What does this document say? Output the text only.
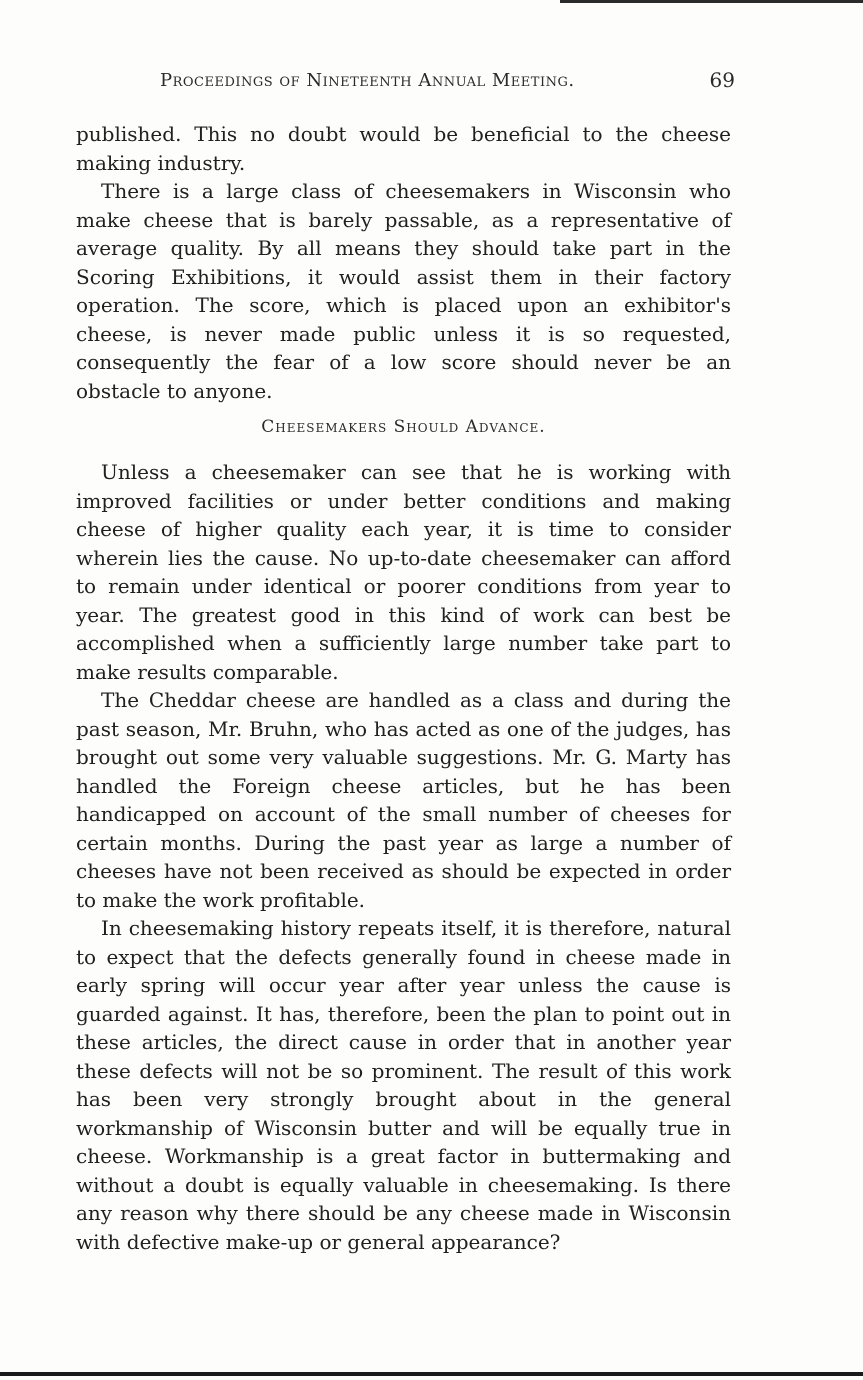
Proceedings of Nineteenth Annual Meeting.	69

published. This no doubt would be beneficial to the cheese making industry.

There is a large class of cheesemakers in Wisconsin who make cheese that is barely passable, as a representative of average quality. By all means they should take part in the Scoring Exhibitions, it would assist them in their factory operation. The score, which is placed upon an exhibitor's cheese, is never made public unless it is so requested, consequently the fear of a low score should never be an obstacle to anyone.

Cheesemakers Should Advance.

Unless a cheesemaker can see that he is working with improved facilities or under better conditions and making cheese of higher quality each year, it is time to consider wherein lies the cause. No up-to-date cheesemaker can afford to remain under identical or poorer conditions from year to year. The greatest good in this kind of work can best be accomplished when a sufficiently large number take part to make results comparable.

The Cheddar cheese are handled as a class and during the past season, Mr. Bruhn, who has acted as one of the judges, has brought out some very valuable suggestions. Mr. G. Marty has handled the Foreign cheese articles, but he has been handicapped on account of the small number of cheeses for certain months. During the past year as large a number of cheeses have not been received as should be expected in order to make the work profitable.

In cheesemaking history repeats itself, it is therefore, natural to expect that the defects generally found in cheese made in early spring will occur year after year unless the cause is guarded against. It has, therefore, been the plan to point out in these articles, the direct cause in order that in another year these defects will not be so prominent. The result of this work has been very strongly brought about in the general workmanship of Wisconsin butter and will be equally true in cheese. Workmanship is a great factor in buttermaking and without a doubt is equally valuable in cheesemaking. Is there any reason why there should be any cheese made in Wisconsin with defective make-up or general appearance?
